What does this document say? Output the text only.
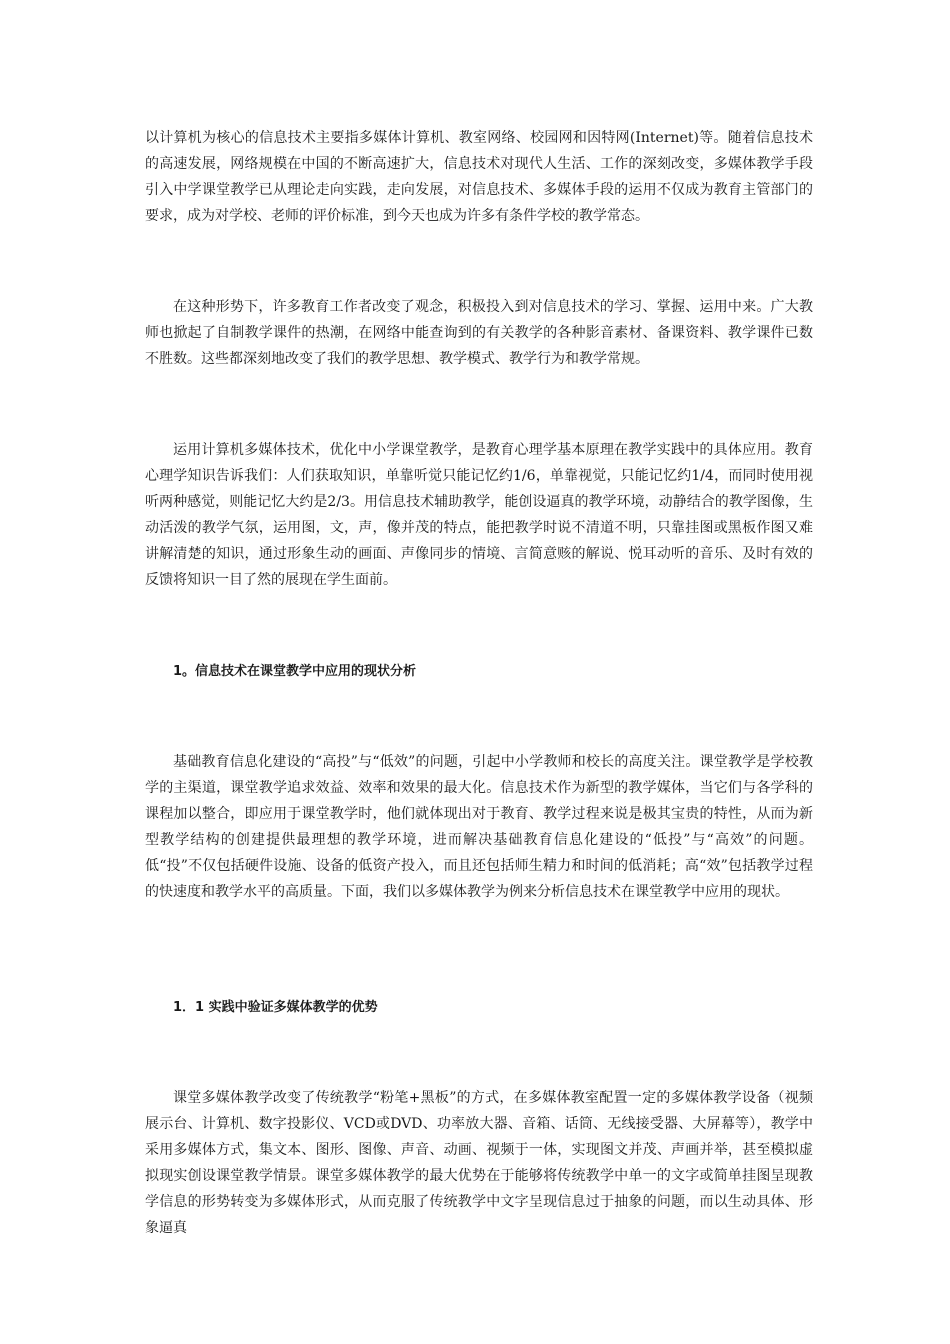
以计算机为核心的信息技术主要指多媒体计算机、教室网络、校园网和因特网(Internet)等。随着信息技术的高速发展，网络规模在中国的不断高速扩大，信息技术对现代人生活、工作的深刻改变，多媒体教学手段引入中学课堂教学已从理论走向实践，走向发展，对信息技术、多媒体手段的运用不仅成为教育主管部门的要求，成为对学校、老师的评价标准，到今天也成为许多有条件学校的教学常态。

在这种形势下，许多教育工作者改变了观念，积极投入到对信息技术的学习、掌握、运用中来。广大教师也掀起了自制教学课件的热潮，在网络中能查询到的有关教学的各种影音素材、备课资料、教学课件已数不胜数。这些都深刻地改变了我们的教学思想、教学模式、教学行为和教学常规。

运用计算机多媒体技术，优化中小学课堂教学，是教育心理学基本原理在教学实践中的具体应用。教育心理学知识告诉我们：人们获取知识，单靠听觉只能记忆约1/6，单靠视觉，只能记忆约1/4，而同时使用视听两种感觉，则能记忆大约是2/3。用信息技术辅助教学，能创设逼真的教学环境，动静结合的教学图像，生动活泼的教学气氛，运用图，文，声，像并茂的特点，能把教学时说不清道不明，只靠挂图或黑板作图又难讲解清楚的知识，通过形象生动的画面、声像同步的情境、言简意赅的解说、悦耳动听的音乐、及时有效的反馈将知识一目了然的展现在学生面前。

1。信息技术在课堂教学中应用的现状分析

基础教育信息化建设的“高投”与“低效”的问题，引起中小学教师和校长的高度关注。课堂教学是学校教学的主渠道，课堂教学追求效益、效率和效果的最大化。信息技术作为新型的教学媒体，当它们与各学科的课程加以整合，即应用于课堂教学时，他们就体现出对于教育、教学过程来说是极其宝贵的特性，从而为新型教学结构的创建提供最理想的教学环境，进而解决基础教育信息化建设的“低投”与“高效”的问题。低“投”不仅包括硬件设施、设备的低资产投入，而且还包括师生精力和时间的低消耗；高“效”包括教学过程的快速度和教学水平的高质量。下面，我们以多媒体教学为例来分析信息技术在课堂教学中应用的现状。

1．1 实践中验证多媒体教学的优势

课堂多媒体教学改变了传统教学“粉笔+黑板”的方式，在多媒体教室配置一定的多媒体教学设备（视频展示台、计算机、数字投影仪、VCD或DVD、功率放大器、音箱、话筒、无线接受器、大屏幕等），教学中采用多媒体方式，集文本、图形、图像、声音、动画、视频于一体，实现图文并茂、声画并举，甚至模拟虚拟现实创设课堂教学情景。课堂多媒体教学的最大优势在于能够将传统教学中单一的文字或简单挂图呈现教学信息的形势转变为多媒体形式，从而克服了传统教学中文字呈现信息过于抽象的问题，而以生动具体、形象逼真
